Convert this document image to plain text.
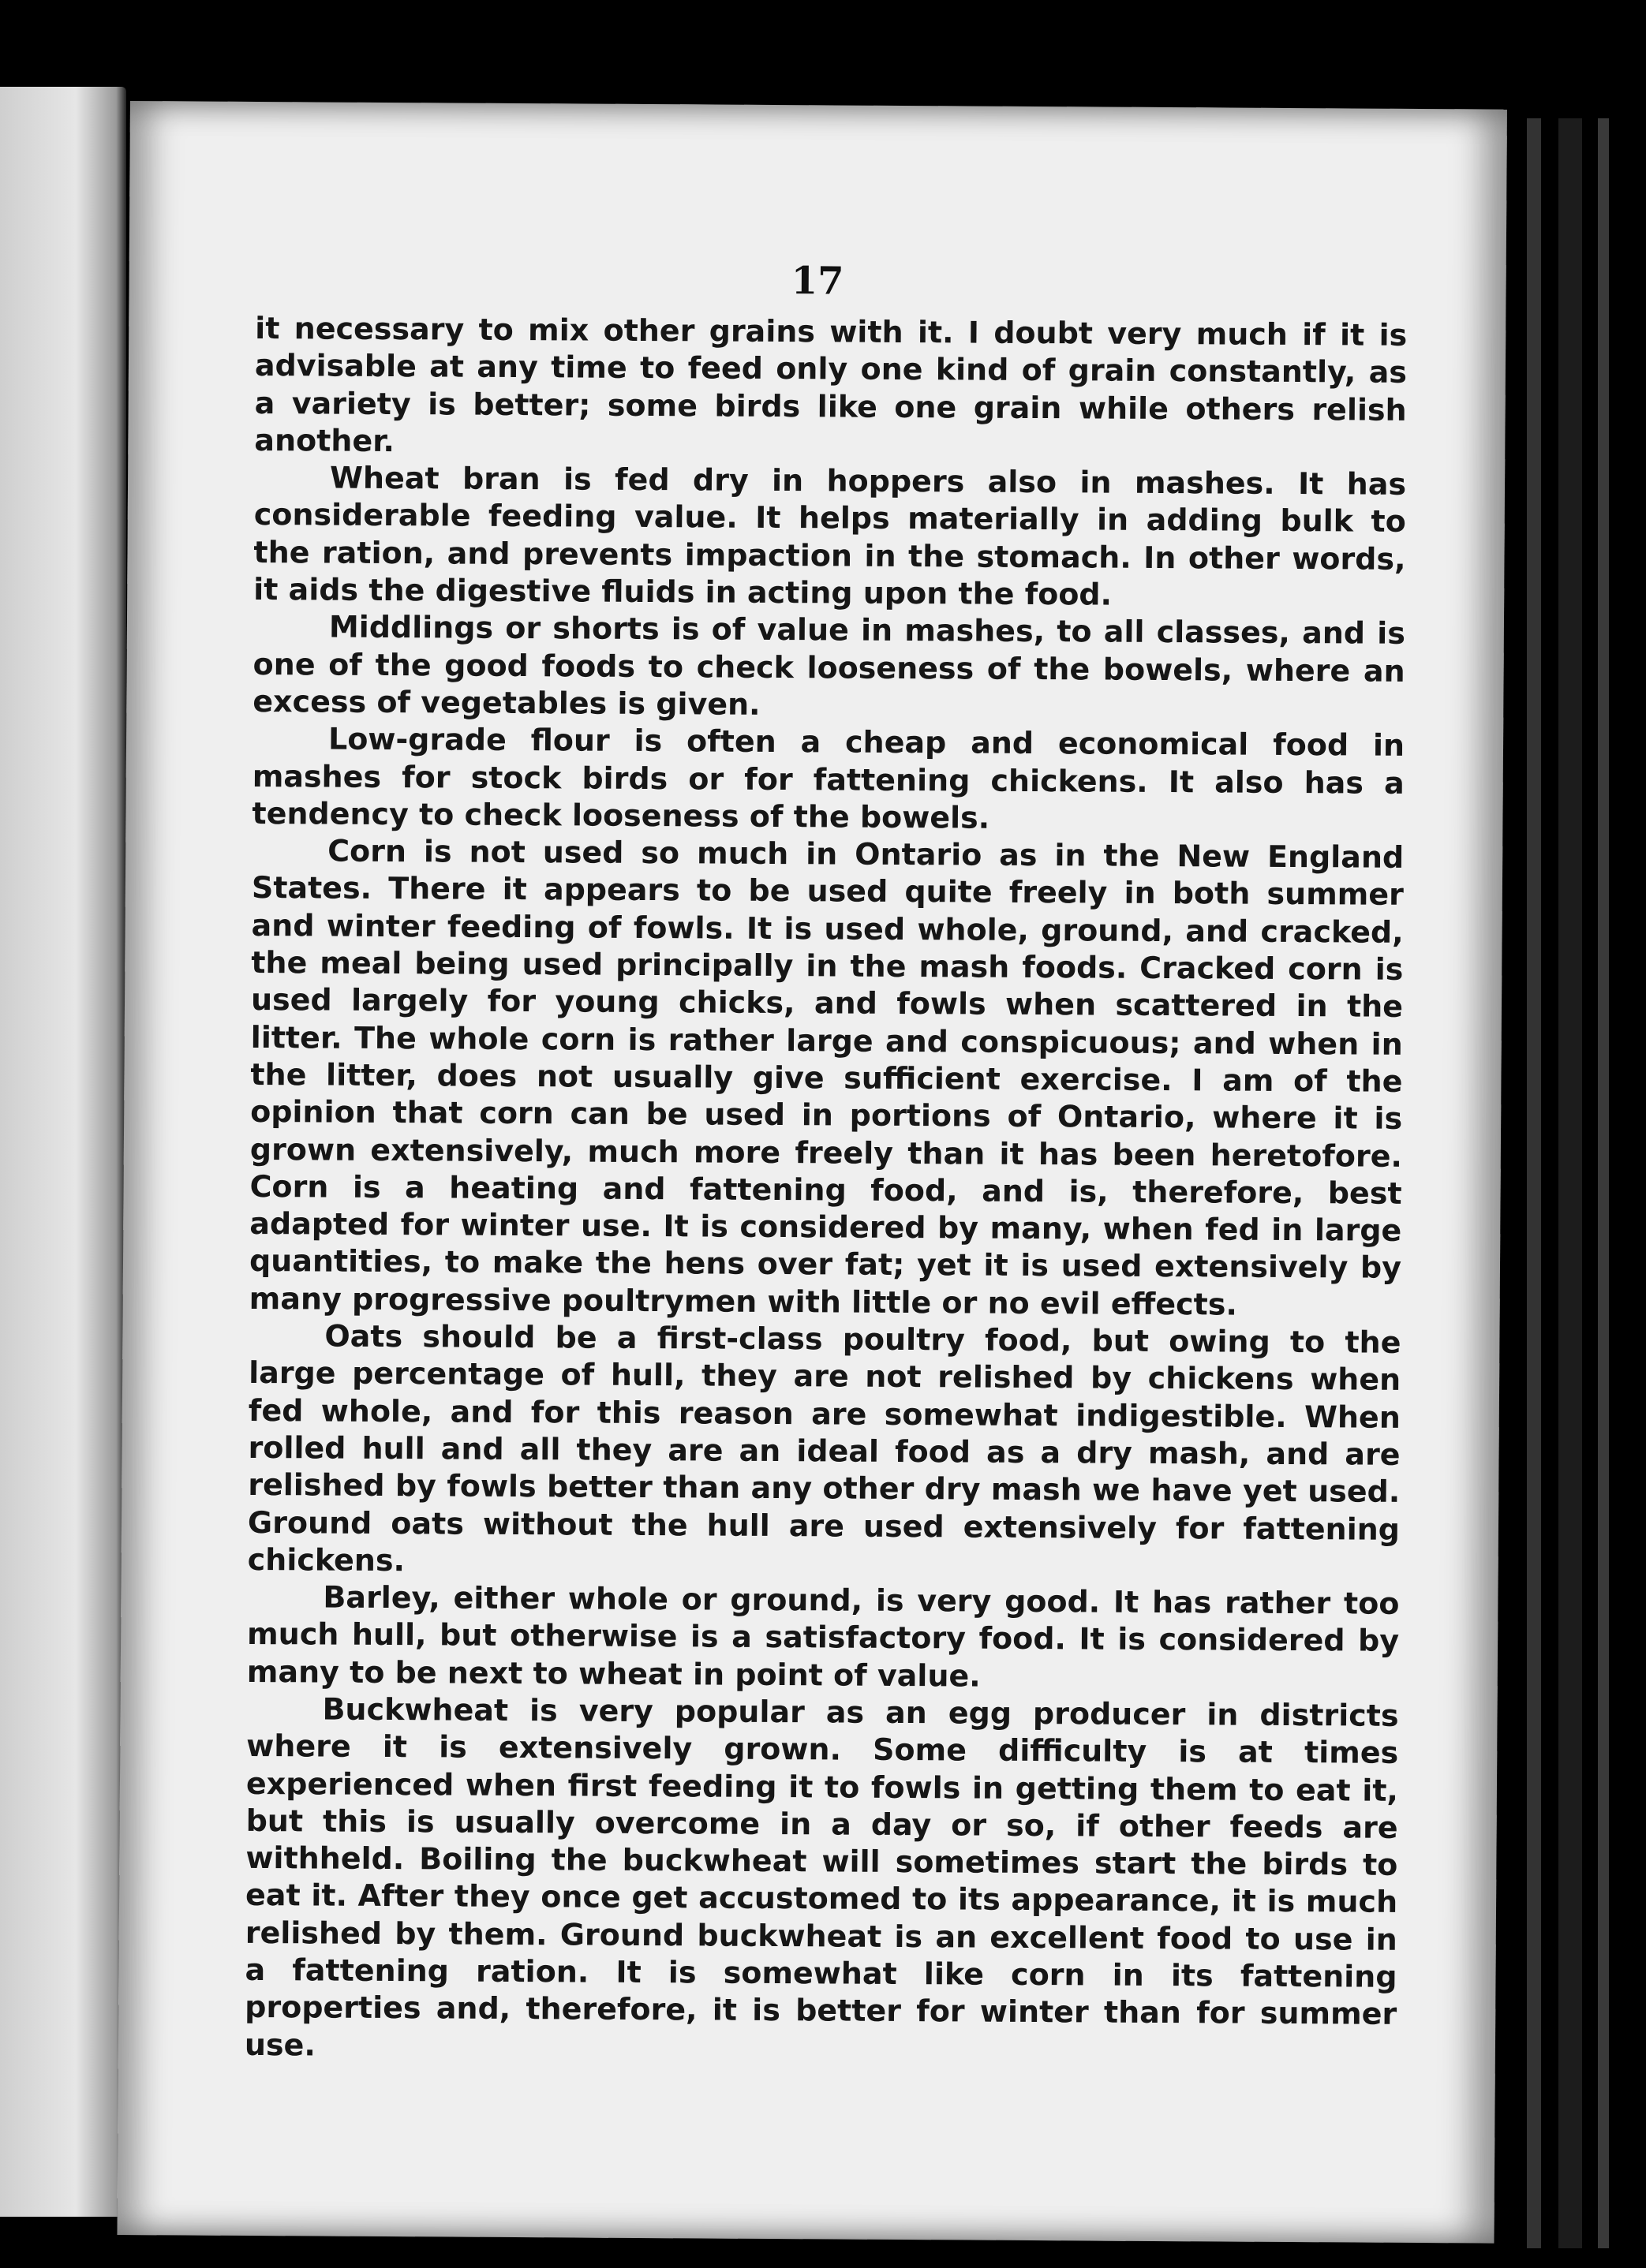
17

it necessary to mix other grains with it. I doubt very much if it is advisable at any time to feed only one kind of grain constantly, as a variety is better; some birds like one grain while others relish another.

Wheat bran is fed dry in hoppers also in mashes. It has considerable feeding value. It helps materially in adding bulk to the ration, and prevents impaction in the stomach. In other words, it aids the digestive fluids in acting upon the food.

Middlings or shorts is of value in mashes, to all classes, and is one of the good foods to check looseness of the bowels, where an excess of vegetables is given.

Low-grade flour is often a cheap and economical food in mashes for stock birds or for fattening chickens. It also has a tendency to check looseness of the bowels.

Corn is not used so much in Ontario as in the New England States. There it appears to be used quite freely in both summer and winter feeding of fowls. It is used whole, ground, and cracked, the meal being used principally in the mash foods. Cracked corn is used largely for young chicks, and fowls when scattered in the litter. The whole corn is rather large and conspicuous; and when in the litter, does not usually give sufficient exercise. I am of the opinion that corn can be used in portions of Ontario, where it is grown extensively, much more freely than it has been heretofore. Corn is a heating and fattening food, and is, therefore, best adapted for winter use. It is considered by many, when fed in large quantities, to make the hens over fat; yet it is used extensively by many progressive poultrymen with little or no evil effects.

Oats should be a first-class poultry food, but owing to the large percentage of hull, they are not relished by chickens when fed whole, and for this reason are somewhat indigestible. When rolled hull and all they are an ideal food as a dry mash, and are relished by fowls better than any other dry mash we have yet used. Ground oats without the hull are used extensively for fattening chickens.

Barley, either whole or ground, is very good. It has rather too much hull, but otherwise is a satisfactory food. It is considered by many to be next to wheat in point of value.

Buckwheat is very popular as an egg producer in districts where it is extensively grown. Some difficulty is at times experienced when first feeding it to fowls in getting them to eat it, but this is usually overcome in a day or so, if other feeds are withheld. Boiling the buckwheat will sometimes start the birds to eat it. After they once get accustomed to its appearance, it is much relished by them. Ground buckwheat is an excellent food to use in a fattening ration. It is somewhat like corn in its fattening properties and, therefore, it is better for winter than for summer use.
